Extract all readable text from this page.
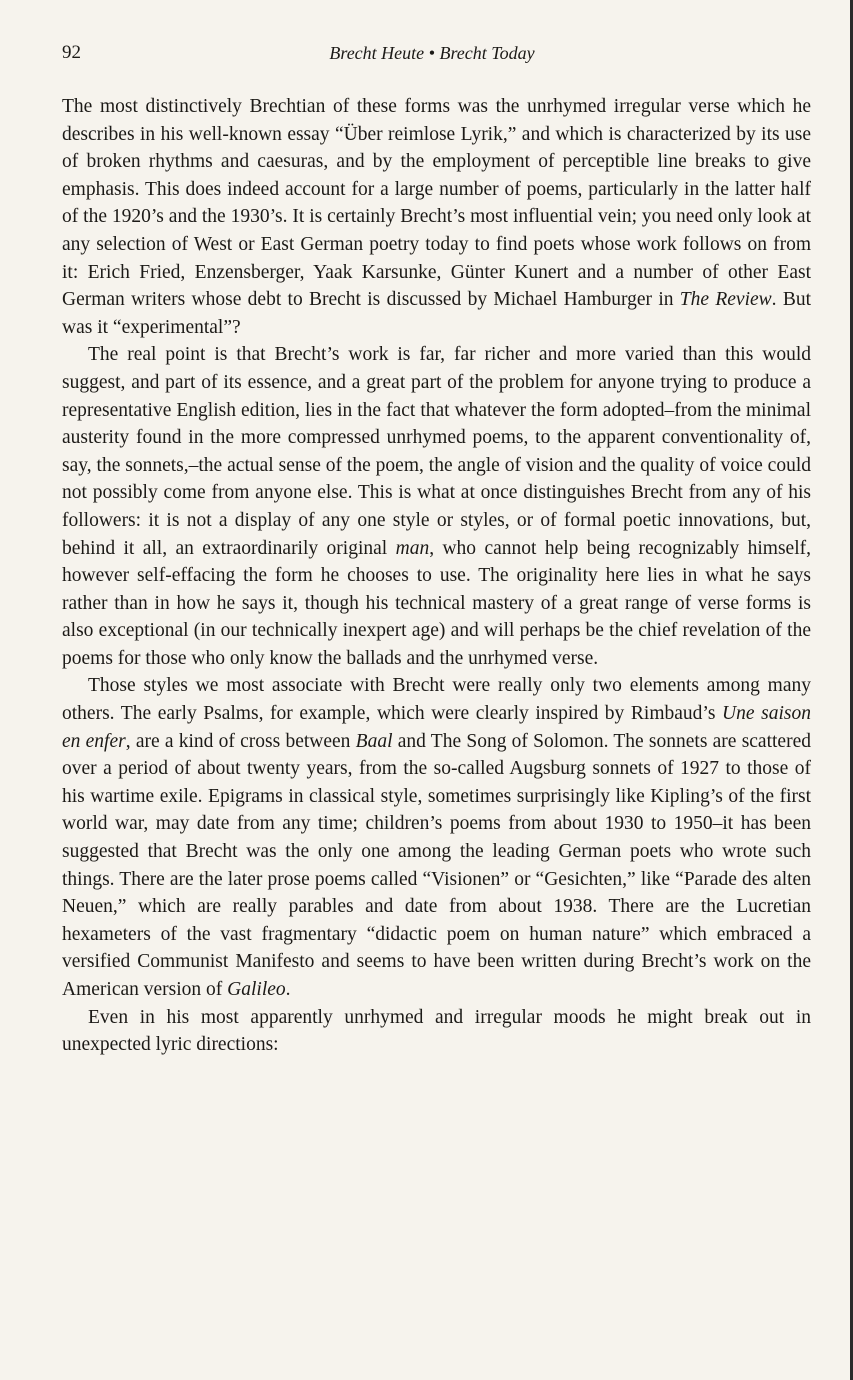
92	Brecht Heute • Brecht Today

The most distinctively Brechtian of these forms was the unrhymed irregular verse which he describes in his well-known essay “Über reimlose Lyrik,” and which is characterized by its use of broken rhythms and caesuras, and by the employment of perceptible line breaks to give emphasis. This does indeed account for a large number of poems, particularly in the latter half of the 1920’s and the 1930’s. It is certainly Brecht’s most influential vein; you need only look at any selection of West or East German poetry today to find poets whose work follows on from it: Erich Fried, Enzensberger, Yaak Karsunke, Günter Kunert and a number of other East German writers whose debt to Brecht is discussed by Michael Hamburger in The Review. But was it “experimental”?

The real point is that Brecht’s work is far, far richer and more varied than this would suggest, and part of its essence, and a great part of the problem for anyone trying to produce a representative English edition, lies in the fact that whatever the form adopted–from the minimal austerity found in the more compressed unrhymed poems, to the apparent conventionality of, say, the sonnets,–the actual sense of the poem, the angle of vision and the quality of voice could not possibly come from anyone else. This is what at once distinguishes Brecht from any of his followers: it is not a display of any one style or styles, or of formal poetic innovations, but, behind it all, an extraordinarily original man, who cannot help being recognizably himself, however self-effacing the form he chooses to use. The originality here lies in what he says rather than in how he says it, though his technical mastery of a great range of verse forms is also exceptional (in our technically inexpert age) and will perhaps be the chief revelation of the poems for those who only know the ballads and the unrhymed verse.

Those styles we most associate with Brecht were really only two elements among many others. The early Psalms, for example, which were clearly inspired by Rimbaud’s Une saison en enfer, are a kind of cross between Baal and The Song of Solomon. The sonnets are scattered over a period of about twenty years, from the so-called Augsburg sonnets of 1927 to those of his wartime exile. Epigrams in classical style, sometimes surprisingly like Kipling’s of the first world war, may date from any time; children’s poems from about 1930 to 1950–it has been suggested that Brecht was the only one among the leading German poets who wrote such things. There are the later prose poems called “Visionen” or “Gesichten,” like “Parade des alten Neuen,” which are really parables and date from about 1938. There are the Lucretian hexameters of the vast fragmentary “didactic poem on human nature” which embraced a versified Communist Manifesto and seems to have been written during Brecht’s work on the American version of Galileo.

Even in his most apparently unrhymed and irregular moods he might break out in unexpected lyric directions:
